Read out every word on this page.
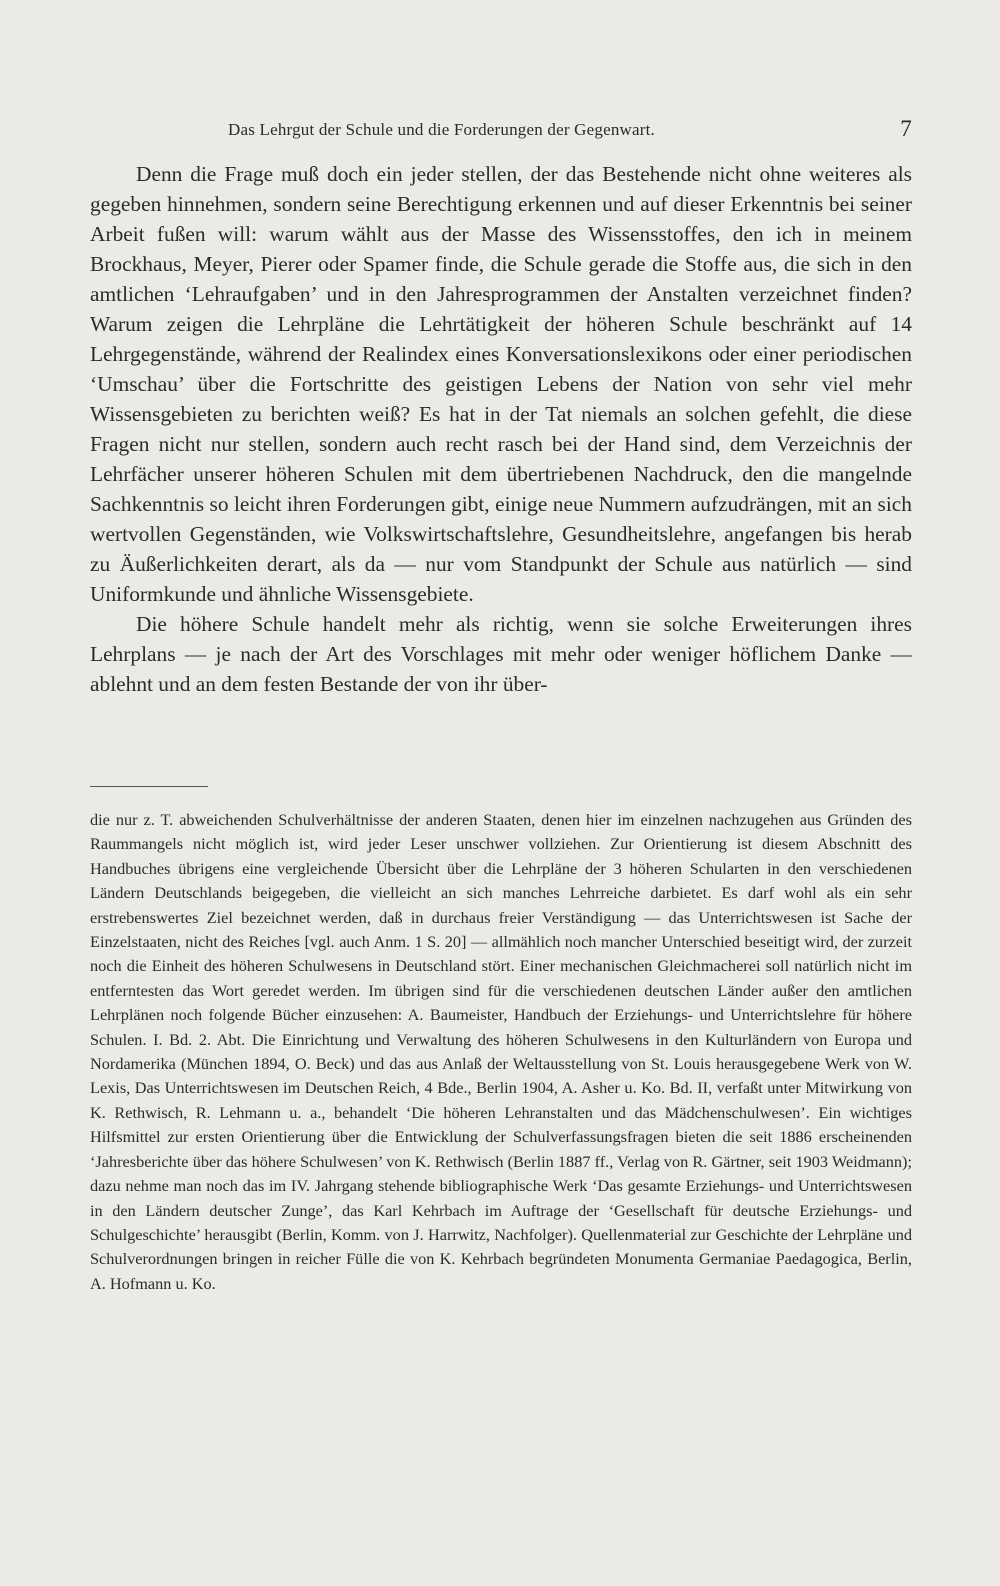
Das Lehrgut der Schule und die Forderungen der Gegenwart.	7

Denn die Frage muß doch ein jeder stellen, der das Bestehende nicht ohne weiteres als gegeben hinnehmen, sondern seine Berechtigung erkennen und auf dieser Erkenntnis bei seiner Arbeit fußen will: warum wählt aus der Masse des Wissensstoffes, den ich in meinem Brockhaus, Meyer, Pierer oder Spamer finde, die Schule gerade die Stoffe aus, die sich in den amtlichen ‘Lehraufgaben’ und in den Jahresprogrammen der Anstalten verzeichnet finden? Warum zeigen die Lehrpläne die Lehrtätigkeit der höheren Schule beschränkt auf 14 Lehrgegenstände, während der Realindex eines Konversationslexikons oder einer periodischen ‘Umschau’ über die Fortschritte des geistigen Lebens der Nation von sehr viel mehr Wissensgebieten zu berichten weiß? Es hat in der Tat niemals an solchen gefehlt, die diese Fragen nicht nur stellen, sondern auch recht rasch bei der Hand sind, dem Verzeichnis der Lehrfächer unserer höheren Schulen mit dem übertriebenen Nachdruck, den die mangelnde Sachkenntnis so leicht ihren Forderungen gibt, einige neue Nummern aufzudrängen, mit an sich wertvollen Gegenständen, wie Volkswirtschaftslehre, Gesundheitslehre, angefangen bis herab zu Äußerlichkeiten derart, als da — nur vom Standpunkt der Schule aus natürlich — sind Uniformkunde und ähnliche Wissensgebiete.

Die höhere Schule handelt mehr als richtig, wenn sie solche Erweiterungen ihres Lehrplans — je nach der Art des Vorschlages mit mehr oder weniger höflichem Danke — ablehnt und an dem festen Bestande der von ihr über-

die nur z. T. abweichenden Schulverhältnisse der anderen Staaten, denen hier im einzelnen nachzugehen aus Gründen des Raummangels nicht möglich ist, wird jeder Leser unschwer vollziehen. Zur Orientierung ist diesem Abschnitt des Handbuches übrigens eine vergleichende Übersicht über die Lehrpläne der 3 höheren Schularten in den verschiedenen Ländern Deutschlands beigegeben, die vielleicht an sich manches Lehrreiche darbietet. Es darf wohl als ein sehr erstrebenswertes Ziel bezeichnet werden, daß in durchaus freier Verständigung — das Unterrichtswesen ist Sache der Einzelstaaten, nicht des Reiches [vgl. auch Anm. 1 S. 20] — allmählich noch mancher Unterschied beseitigt wird, der zurzeit noch die Einheit des höheren Schulwesens in Deutschland stört. Einer mechanischen Gleichmacherei soll natürlich nicht im entferntesten das Wort geredet werden. Im übrigen sind für die verschiedenen deutschen Länder außer den amtlichen Lehrplänen noch folgende Bücher einzusehen: A. Baumeister, Handbuch der Erziehungs- und Unterrichtslehre für höhere Schulen. I. Bd. 2. Abt. Die Einrichtung und Verwaltung des höheren Schulwesens in den Kulturländern von Europa und Nordamerika (München 1894, O. Beck) und das aus Anlaß der Weltausstellung von St. Louis herausgegebene Werk von W. Lexis, Das Unterrichtswesen im Deutschen Reich, 4 Bde., Berlin 1904, A. Asher u. Ko. Bd. II, verfaßt unter Mitwirkung von K. Rethwisch, R. Lehmann u. a., behandelt ‘Die höheren Lehranstalten und das Mädchenschulwesen’. Ein wichtiges Hilfsmittel zur ersten Orientierung über die Entwicklung der Schulverfassungsfragen bieten die seit 1886 erscheinenden ‘Jahresberichte über das höhere Schulwesen’ von K. Rethwisch (Berlin 1887 ff., Verlag von R. Gärtner, seit 1903 Weidmann); dazu nehme man noch das im IV. Jahrgang stehende bibliographische Werk ‘Das gesamte Erziehungs- und Unterrichtswesen in den Ländern deutscher Zunge’, das Karl Kehrbach im Auftrage der ‘Gesellschaft für deutsche Erziehungs- und Schulgeschichte’ herausgibt (Berlin, Komm. von J. Harrwitz, Nachfolger). Quellenmaterial zur Geschichte der Lehrpläne und Schulverordnungen bringen in reicher Fülle die von K. Kehrbach begründeten Monumenta Germaniae Paedagogica, Berlin, A. Hofmann u. Ko.
